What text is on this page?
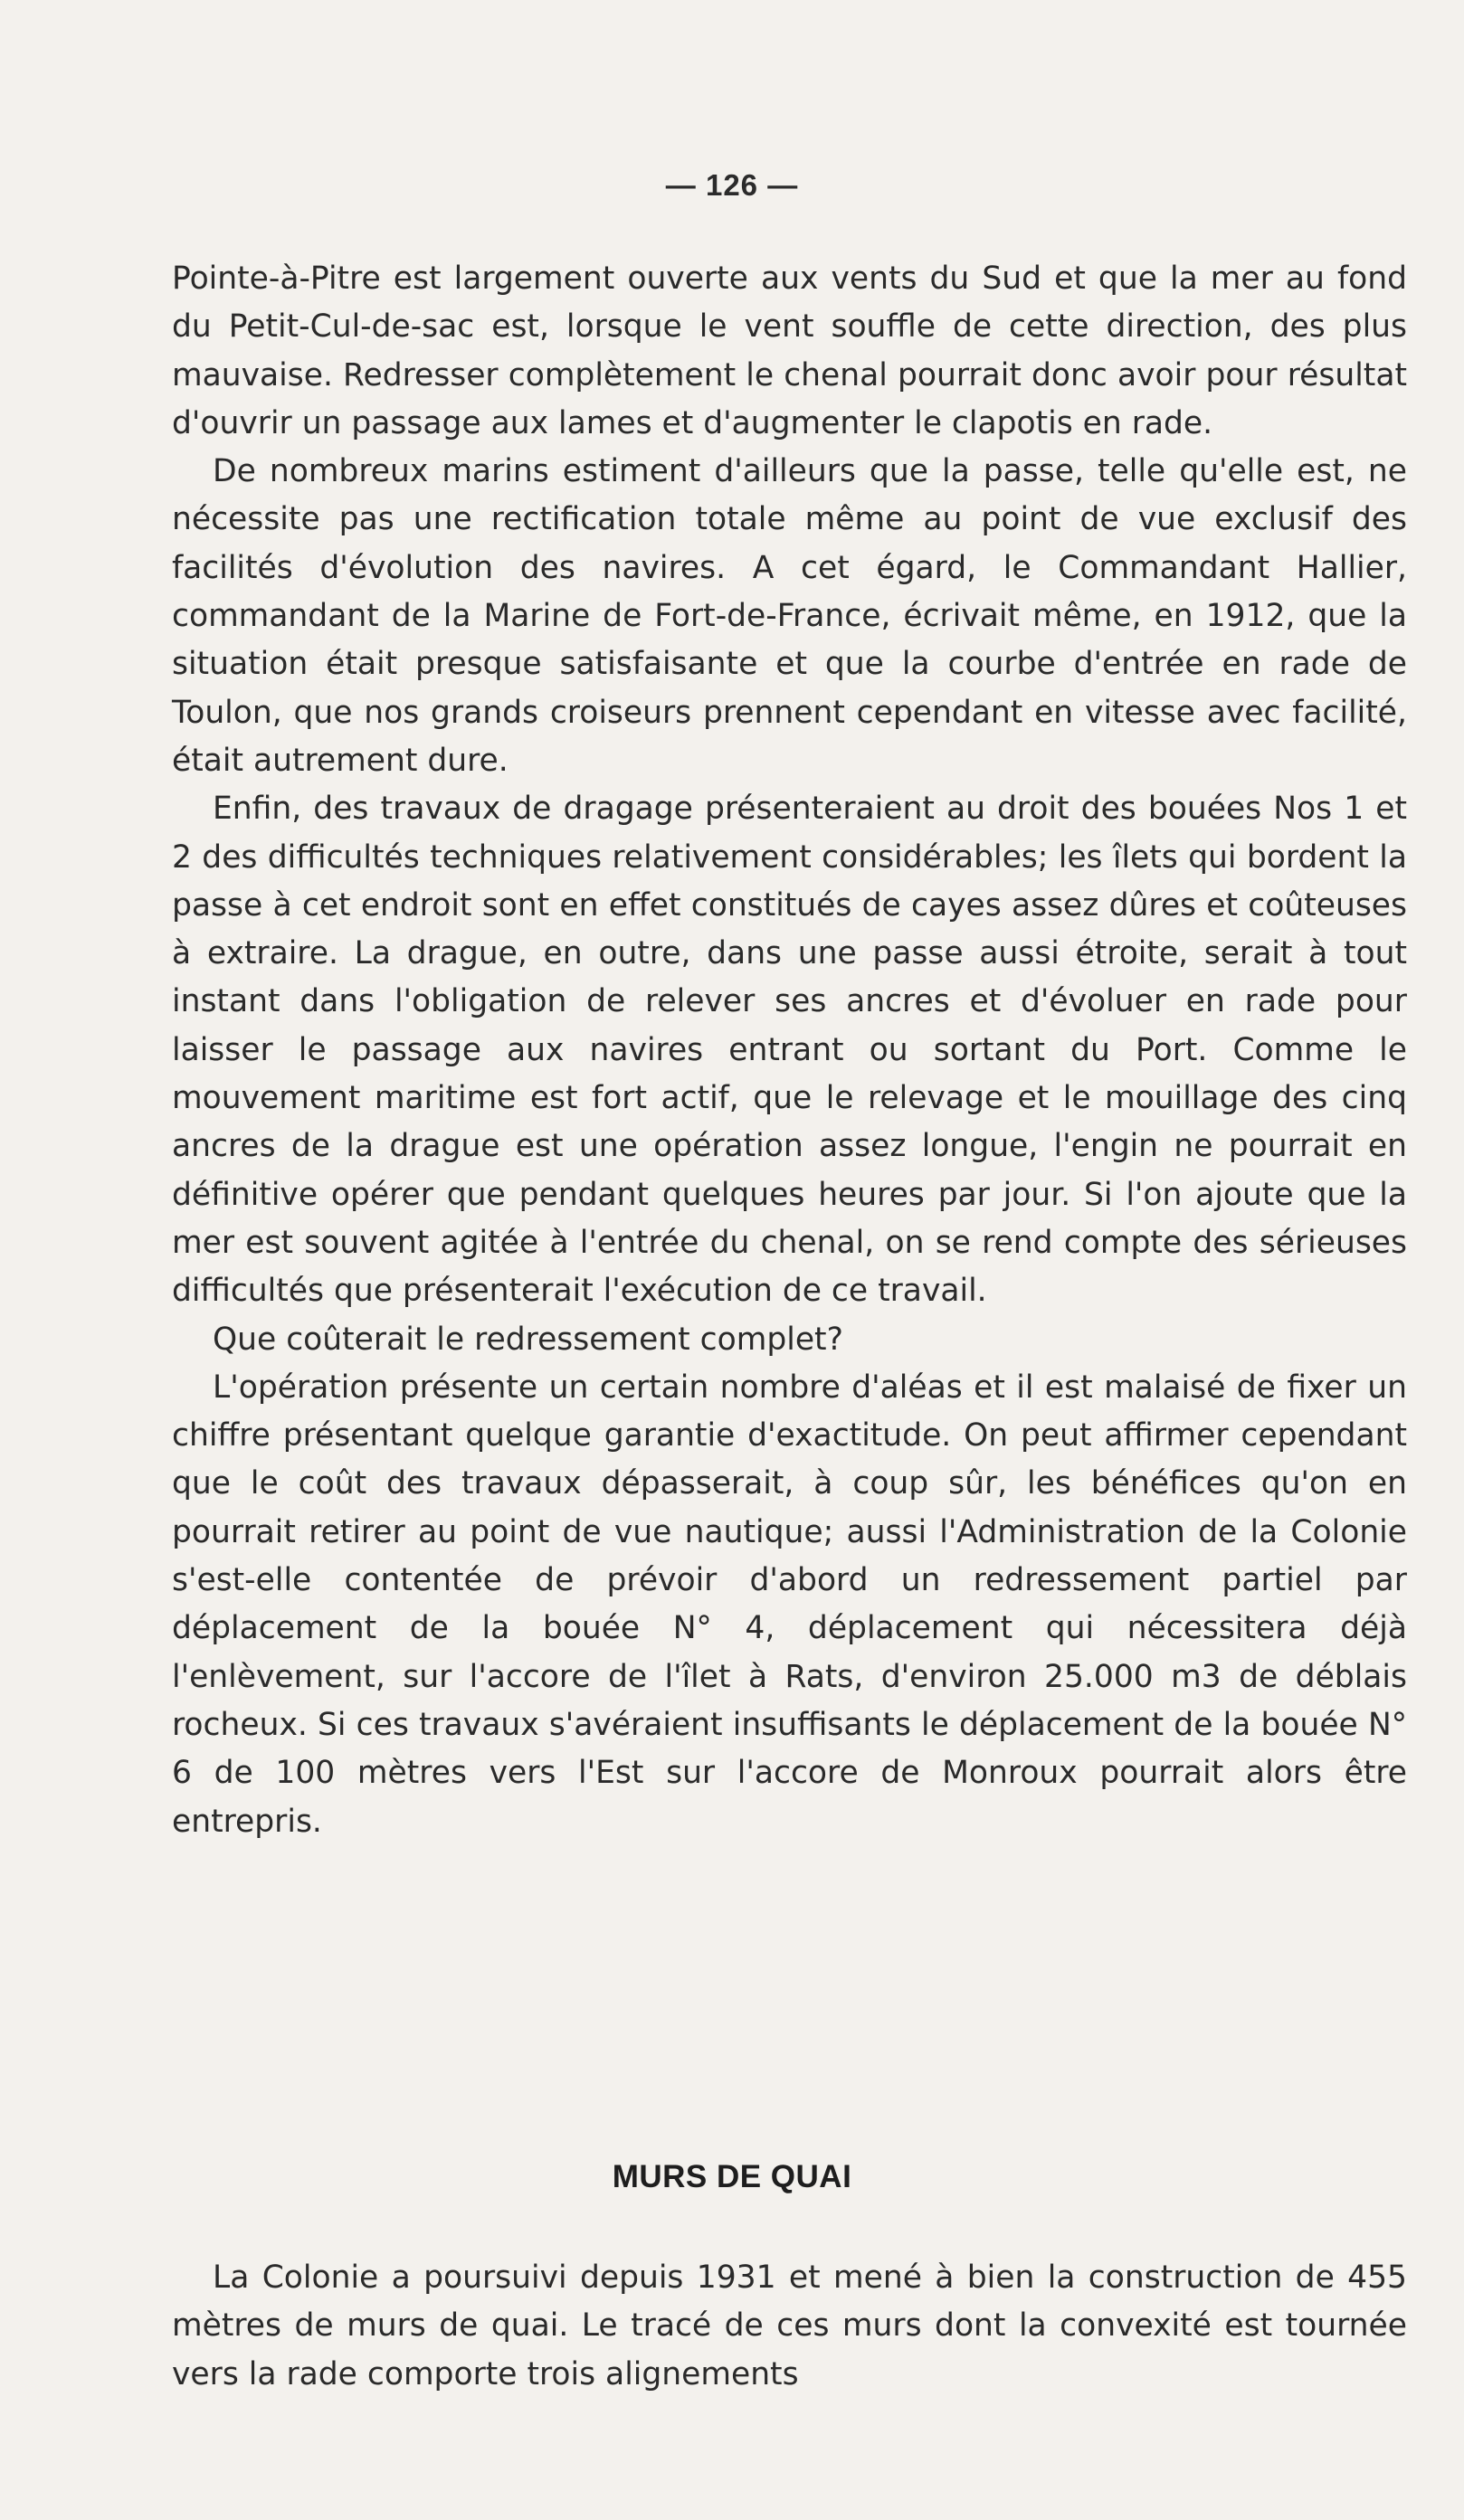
— 126 —

Pointe-à-Pitre est largement ouverte aux vents du Sud et que la mer au fond du Petit-Cul-de-sac est, lorsque le vent souffle de cette direction, des plus mauvaise. Redresser complètement le chenal pourrait donc avoir pour résultat d'ouvrir un passage aux lames et d'augmenter le clapotis en rade.

De nombreux marins estiment d'ailleurs que la passe, telle qu'elle est, ne nécessite pas une rectification totale même au point de vue exclusif des facilités d'évolution des navires. A cet égard, le Commandant Hallier, commandant de la Marine de Fort-de-France, écrivait même, en 1912, que la situation était presque satisfaisante et que la courbe d'entrée en rade de Toulon, que nos grands croiseurs prennent cependant en vitesse avec facilité, était autrement dure.

Enfin, des travaux de dragage présenteraient au droit des bouées Nos 1 et 2 des difficultés techniques relativement considérables; les îlets qui bordent la passe à cet endroit sont en effet constitués de cayes assez dûres et coûteuses à extraire. La drague, en outre, dans une passe aussi étroite, serait à tout instant dans l'obligation de relever ses ancres et d'évoluer en rade pour laisser le passage aux navires entrant ou sortant du Port. Comme le mouvement maritime est fort actif, que le relevage et le mouillage des cinq ancres de la drague est une opération assez longue, l'engin ne pourrait en définitive opérer que pendant quelques heures par jour. Si l'on ajoute que la mer est souvent agitée à l'entrée du chenal, on se rend compte des sérieuses difficultés que présenterait l'exécution de ce travail.

Que coûterait le redressement complet?

L'opération présente un certain nombre d'aléas et il est malaisé de fixer un chiffre présentant quelque garantie d'exactitude. On peut affirmer cependant que le coût des travaux dépasserait, à coup sûr, les bénéfices qu'on en pourrait retirer au point de vue nautique; aussi l'Administration de la Colonie s'est-elle contentée de prévoir d'abord un redressement partiel par déplacement de la bouée N° 4, déplacement qui nécessitera déjà l'enlèvement, sur l'accore de l'îlet à Rats, d'environ 25.000 m3 de déblais rocheux. Si ces travaux s'avéraient insuffisants le déplacement de la bouée N° 6 de 100 mètres vers l'Est sur l'accore de Monroux pourrait alors être entrepris.

MURS DE QUAI

La Colonie a poursuivi depuis 1931 et mené à bien la construction de 455 mètres de murs de quai. Le tracé de ces murs dont la convexité est tournée vers la rade comporte trois alignements
